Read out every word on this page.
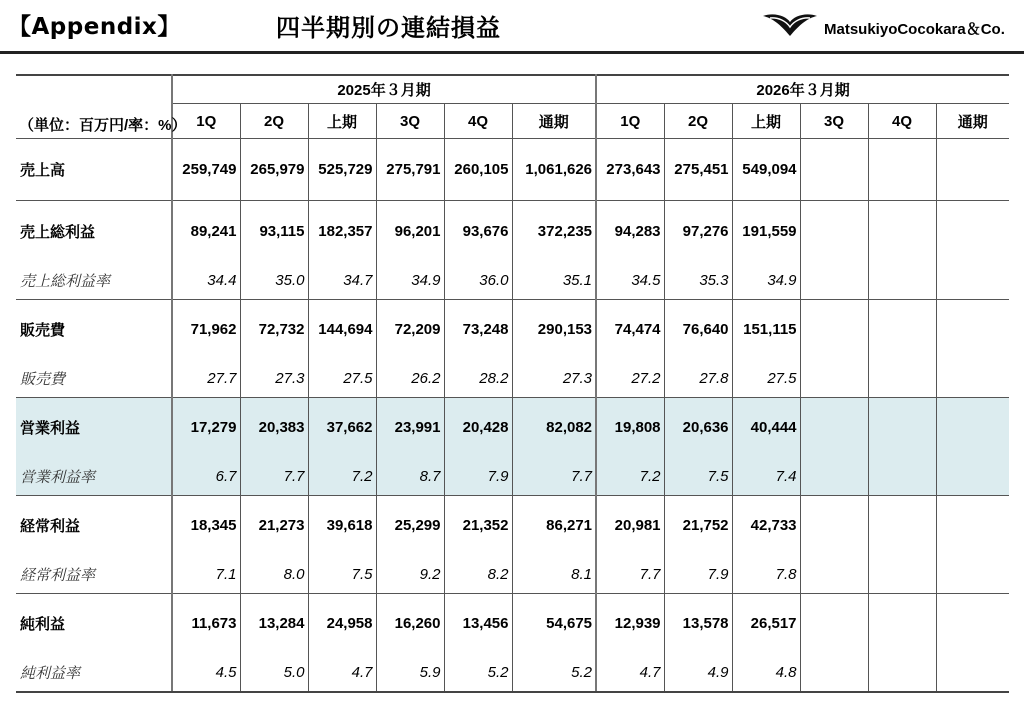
【Appendix】	四半期別の連結損益	MatsukiyoCocokara＆Co.
（単位：百万円/率：%）	2025年３月期						2026年３月期					
	1Q	2Q	上期	3Q	4Q	通期	1Q	2Q	上期	3Q	4Q	通期
売上高	259,749	265,979	525,729	275,791	260,105	1,061,626	273,643	275,451	549,094			
売上総利益	89,241	93,115	182,357	96,201	93,676	372,235	94,283	97,276	191,559			
売上総利益率	34.4	35.0	34.7	34.9	36.0	35.1	34.5	35.3	34.9			
販売費	71,962	72,732	144,694	72,209	73,248	290,153	74,474	76,640	151,115			
販売費	27.7	27.3	27.5	26.2	28.2	27.3	27.2	27.8	27.5			
営業利益	17,279	20,383	37,662	23,991	20,428	82,082	19,808	20,636	40,444			
営業利益率	6.7	7.7	7.2	8.7	7.9	7.7	7.2	7.5	7.4			
経常利益	18,345	21,273	39,618	25,299	21,352	86,271	20,981	21,752	42,733			
経常利益率	7.1	8.0	7.5	9.2	8.2	8.1	7.7	7.9	7.8			
純利益	11,673	13,284	24,958	16,260	13,456	54,675	12,939	13,578	26,517			
純利益率	4.5	5.0	4.7	5.9	5.2	5.2	4.7	4.9	4.8			
